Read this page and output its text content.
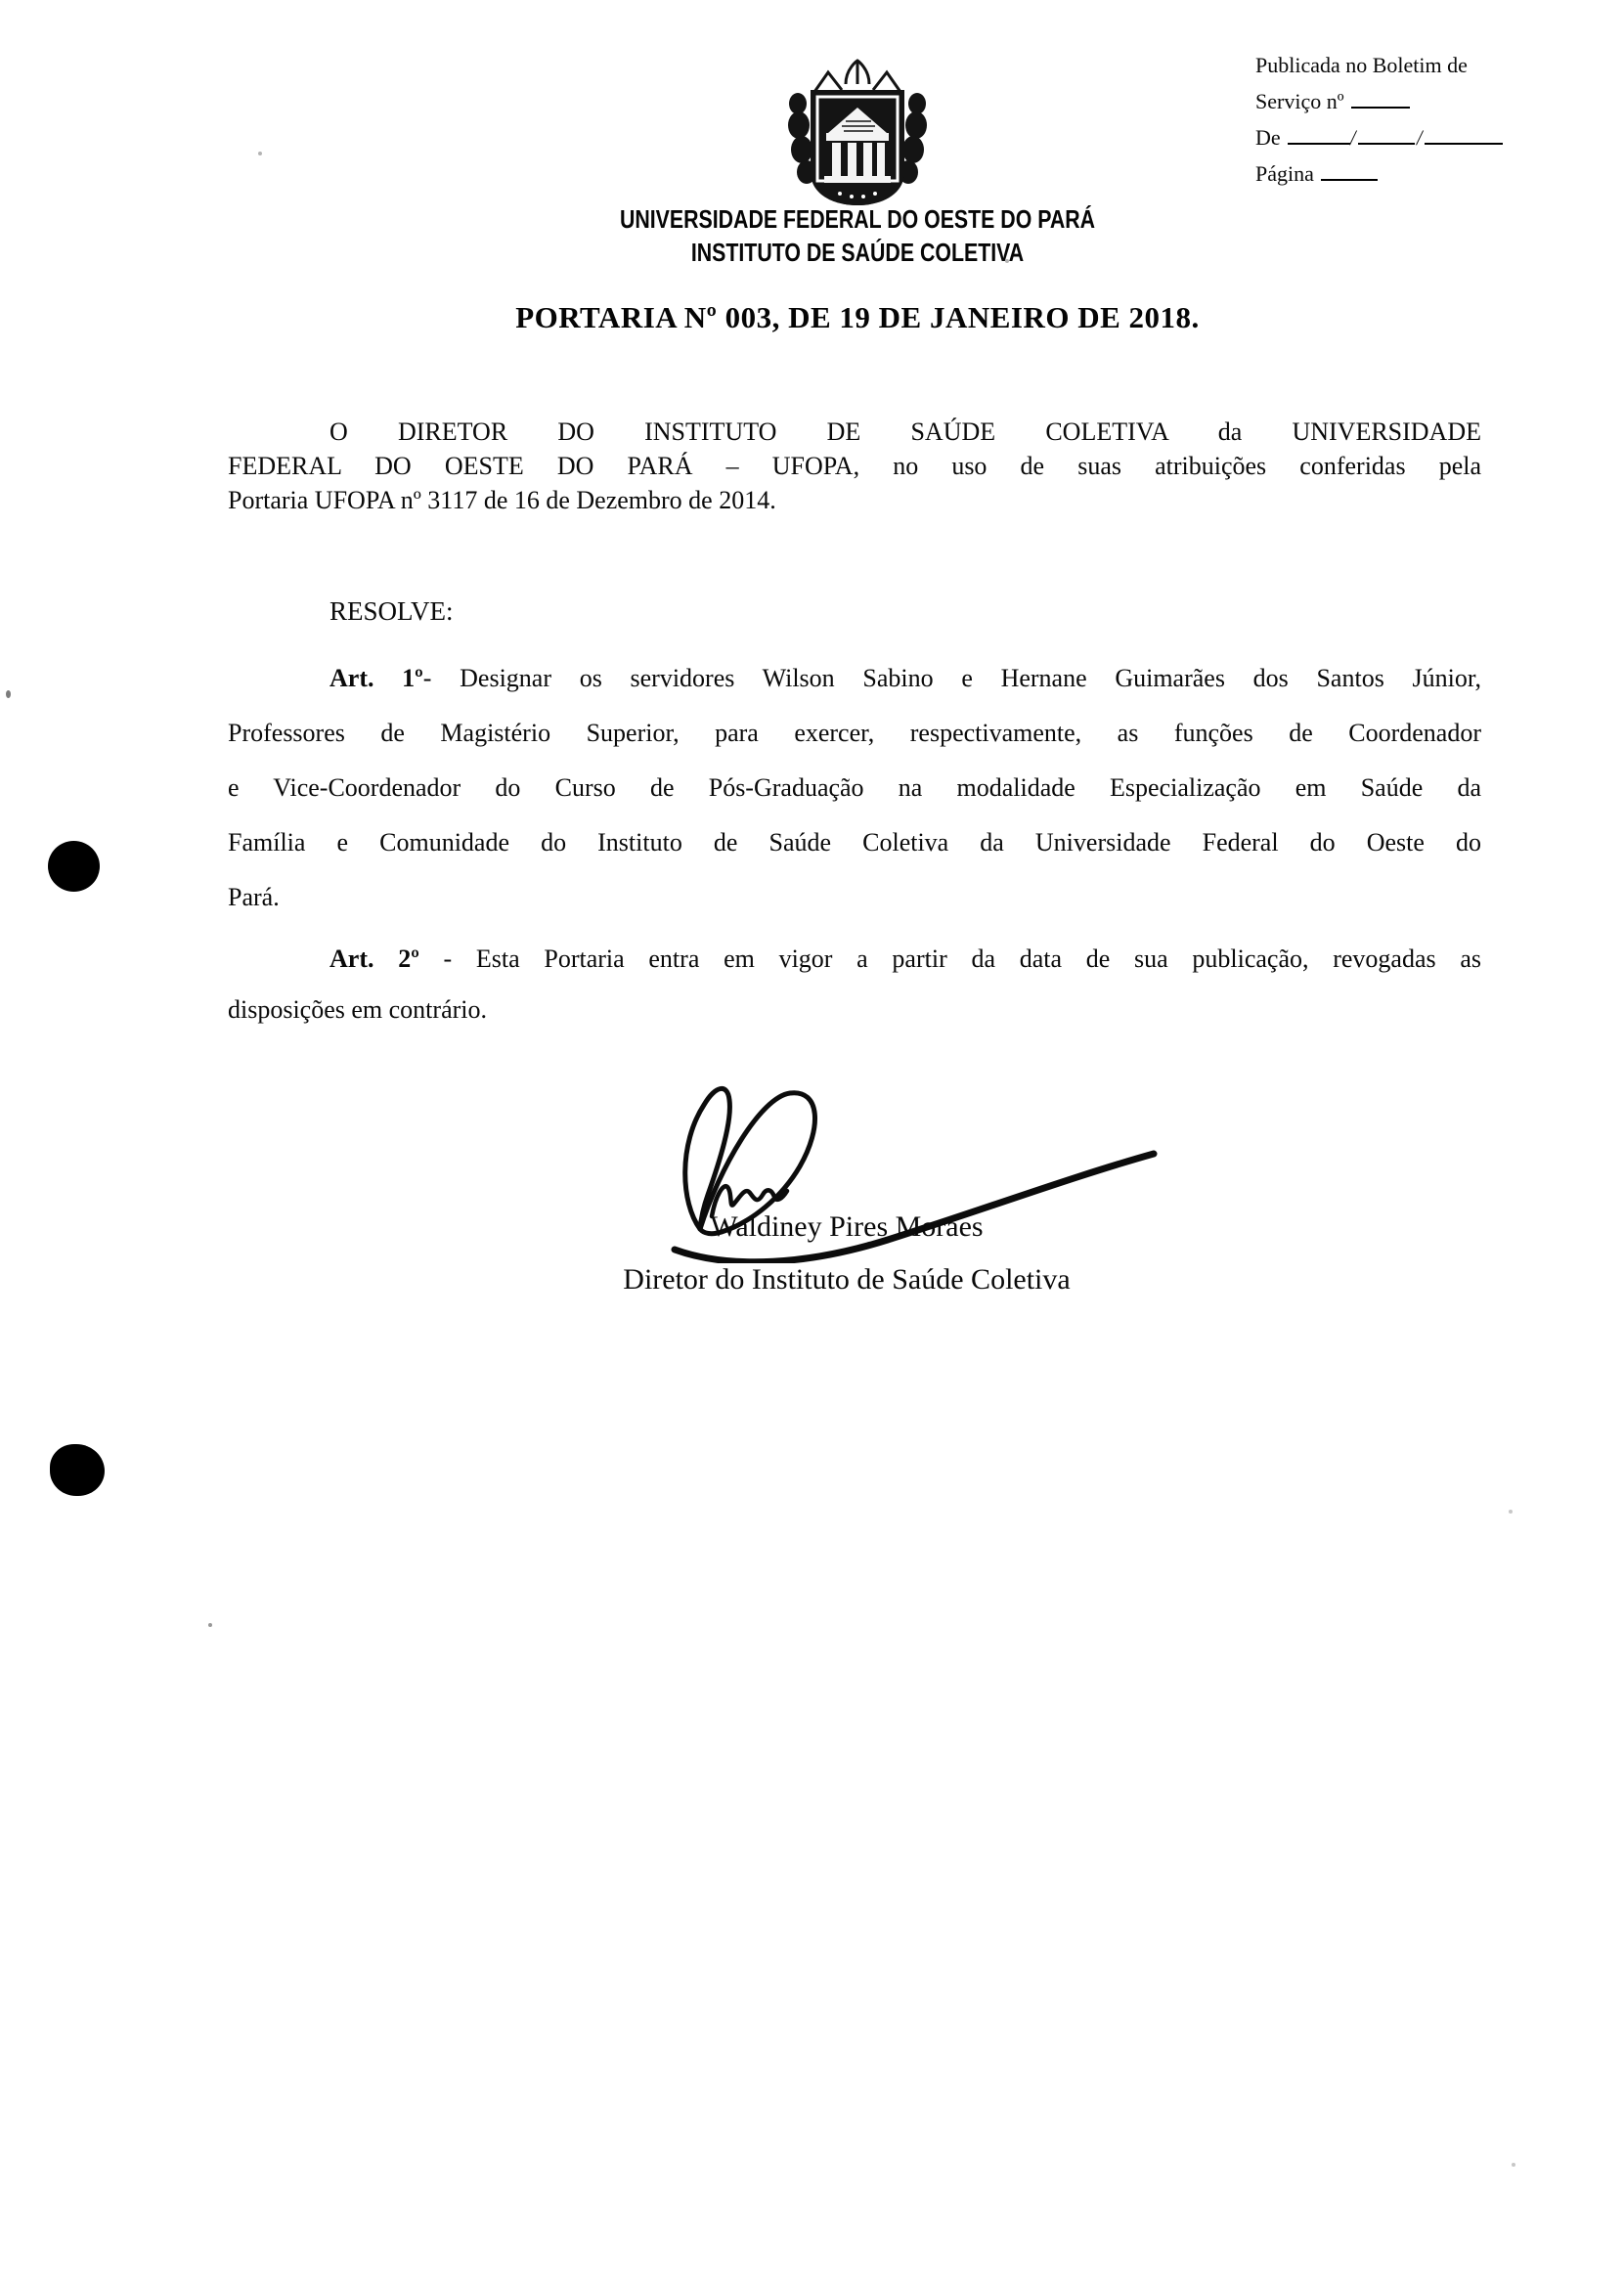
Publicada no Boletim de
Serviço nº
De	/	/
Página
UNIVERSIDADE FEDERAL DO OESTE DO PARÁ
INSTITUTO DE SAÚDE COLETIVA
PORTARIA Nº 003, DE 19 DE JANEIRO DE 2018.
O DIRETOR DO INSTITUTO DE SAÚDE COLETIVA da UNIVERSIDADE
FEDERAL DO OESTE DO PARÁ – UFOPA, no uso de suas atribuições conferidas pela
Portaria UFOPA nº 3117 de 16 de Dezembro de 2014.
RESOLVE:
Art. 1º- Designar os servidores Wilson Sabino e Hernane Guimarães dos Santos Júnior,
Professores de Magistério Superior, para exercer, respectivamente, as funções de Coordenador
e Vice-Coordenador do Curso de Pós-Graduação na modalidade Especialização em Saúde da
Família e Comunidade do Instituto de Saúde Coletiva da Universidade Federal do Oeste do
Pará.
Art. 2º - Esta Portaria entra em vigor a partir da data de sua publicação, revogadas as
disposições em contrário.
Waldiney Pires Moraes
Diretor do Instituto de Saúde Coletiva
